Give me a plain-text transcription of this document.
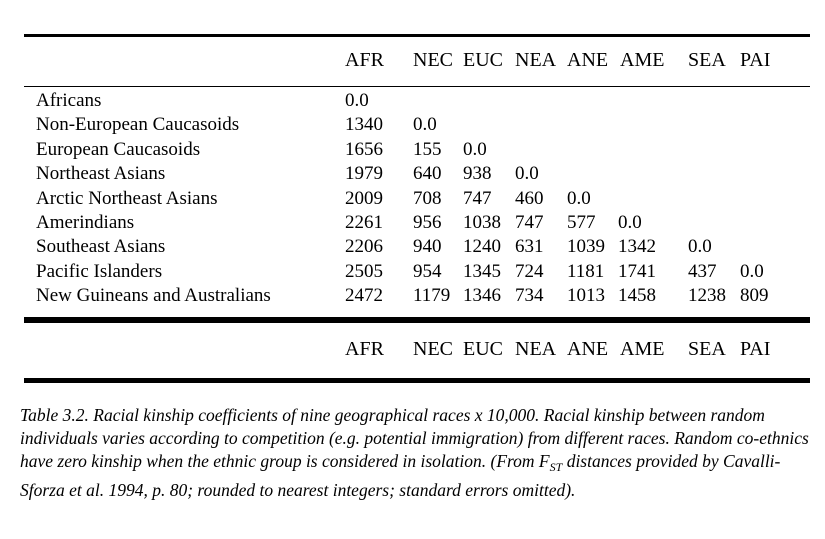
AFR NEC EUC NEA ANE AME SEA PAI
Africans	0.0
Non-European Caucasoids	1340 0.0
European Caucasoids	1656 155 0.0
Northeast Asians	1979 640 938 0.0
Arctic Northeast Asians	2009 708 747 460 0.0
Amerindians	2261 956 1038 747 577 0.0
Southeast Asians	2206 940 1240 631 1039 1342 0.0
Pacific Islanders	2505 954 1345 724 1181 1741 437 0.0
New Guineans and Australians	2472 1179 1346 734 1013 1458 1238 809
AFR NEC EUC NEA ANE AME SEA PAI

Table 3.2. Racial kinship coefficients of nine geographical races x 10,000. Racial kinship between random individuals varies according to competition (e.g. potential immigration) from different races. Random co-ethnics have zero kinship when the ethnic group is considered in isolation. (From $F_{ST}$ distances provided by Cavalli-Sforza et al. 1994, p. 80; rounded to nearest integers; standard errors omitted).
